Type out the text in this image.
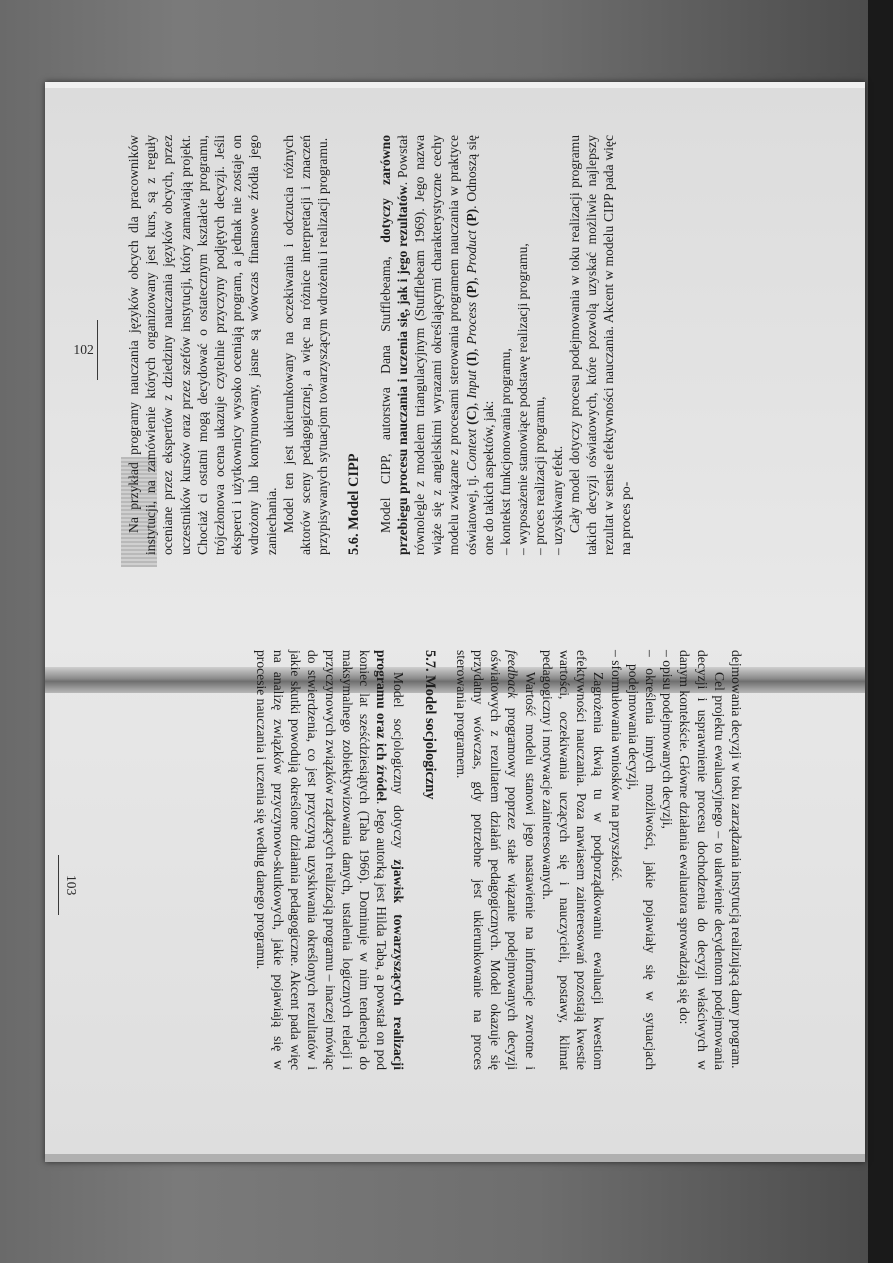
Na przykład programy nauczania języków obcych dla pracowników instytucji, na zamówienie których organizowany jest kurs, są z reguły oceniane przez ekspertów z dziedziny nauczania języków obcych, przez uczestników kursów oraz przez szefów instytucji, który zamawiają projekt. Chociaż ci ostatni mogą decydować o ostatecznym kształcie programu, trójczłonowa ocena ukazuje czytelnie przyczyny podjętych decyzji. Jeśli eksperci i użytkownicy wysoko oceniają program, a jednak nie zostaje on wdrożony lub kontynuowany, jasne są wówczas finansowe źródła jego zaniechania. Model ten jest ukierunkowany na oczekiwania i odczucia różnych aktorów sceny pedagogicznej, a więc na różnice interpretacji i znaczeń przypisywanych sytuacjom towarzyszącym wdrożeniu i realizacji programu. 5.6. Model CIPP Model CIPP, autorstwa Dana Stufflebeama, dotyczy zarówno przebiegu procesu nauczania i uczenia się, jak i jego rezultatów. Powstał równolegle z modelem triangulacyjnym (Stufflebeam 1969). Jego nazwa wiąże się z angielskimi wyrazami określającymi charakterystyczne cechy modelu związane z procesami sterowania programem nauczania w praktyce oświatowej, tj. Context (C), Input (I), Process (P), Product (P). Odnoszą się one do takich aspektów, jak: – kontekst funkcjonowania programu, – wyposażenie stanowiące podstawę realizacji programu, – proces realizacji programu, – uzyskiwany efekt. Cały model dotyczy procesu podejmowania w toku realizacji programu takich decyzji oświatowych, które pozwolą uzyskać możliwie najlepszy rezultat w sensie efektywności nauczania. Akcent w modelu CIPP pada więc na proces po-

102

dejmowania decyzji w toku zarządzania instytucją realizującą dany program.

Cel projektu ewaluacyjnego – to ułatwienie decydentom podejmowania decyzji i usprawnienie procesu dochodzenia do decyzji właściwych w danym kontekście. Główne działania ewaluatora sprowadzają się do:

– opisu podejmowanych decyzji,

– określenia innych możliwości, jakie pojawiały się w sytuacjach podejmowania decyzji,

– sformułowania wniosków na przyszłość.

Zagrożenia tkwią tu w podporządkowaniu ewaluacji kwestiom efektywności nauczania. Poza nawiasem zainteresowań pozostają kwestie wartości, oczekiwania uczących się i nauczycieli, postawy, klimat pedagogiczny i motywacje zainteresowanych.

Wartość modelu stanowi jego nastawienie na informacje zwrotne i feedback programowy poprzez stałe wiązanie podejmowanych decyzji oświatowych z rezultatem działań pedagogicznych. Model okazuje się przydatny wówczas, gdy potrzebne jest ukierunkowanie na proces sterowania programem.

5.7. Model socjologiczny

Model socjologiczny dotyczy zjawisk towarzyszących realizacji programu oraz ich źródeł. Jego autorką jest Hilda Taba, a powstał on pod koniec lat sześćdziesiątych (Taba 1966). Dominuje w nim tendencja do maksymalnego zobiektywizowania danych, ustalenia logicznych relacji i przyczynowych związków rządzących realizacją programu – inaczej mówiąc do stwierdzenia, co jest przyczyną uzyskiwania określonych rezultatów i jakie skutki powodują określone działania pedagogiczne. Akcent pada więc na analizę związków przyczynowo-skutkowych, jakie pojawiają się w procesie nauczania i uczenia się według danego programu.

103
